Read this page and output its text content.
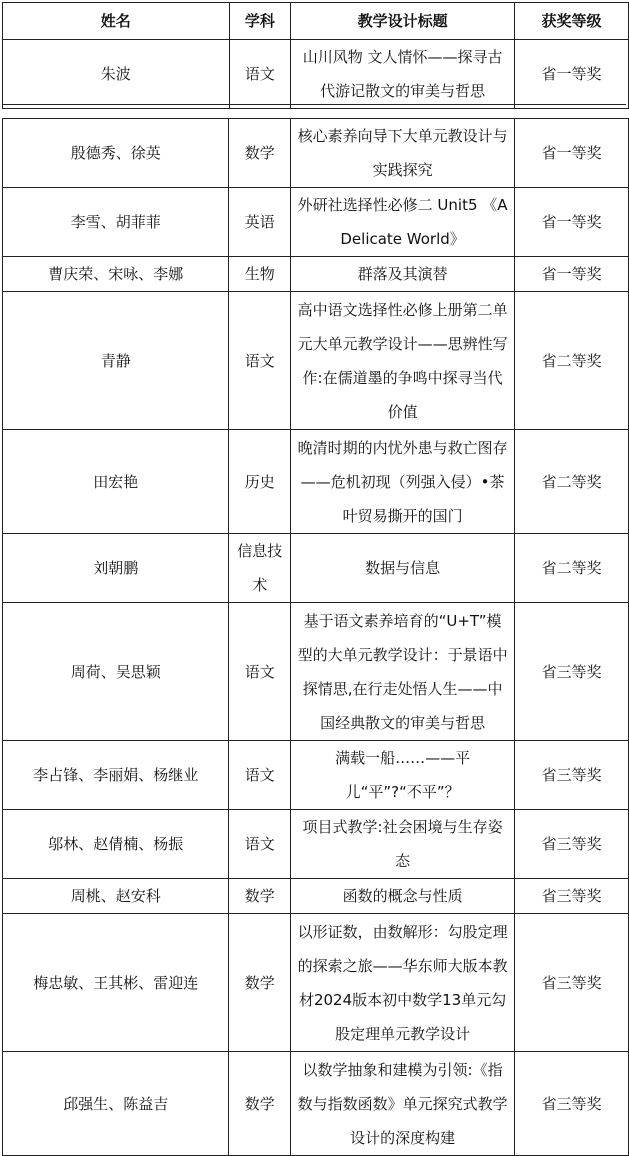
姓名	学科	教学设计标题	获奖等级
朱波	语文	山川风物 文人情怀——探寻古代游记散文的审美与哲思	省一等奖
殷德秀、徐英	数学	核心素养向导下大单元教设计与实践探究	省一等奖
李雪、胡菲菲	英语	外研社选择性必修二 Unit5 《A Delicate World》	省一等奖
曹庆荣、宋咏、李娜	生物	群落及其演替	省一等奖
青静	语文	高中语文选择性必修上册第二单元大单元教学设计——思辨性写作:在儒道墨的争鸣中探寻当代价值	省二等奖
田宏艳	历史	晚清时期的内忧外患与救亡图存——危机初现（列强入侵）•茶叶贸易撕开的国门	省二等奖
刘朝鹏	信息技术	数据与信息	省二等奖
周荷、吴思颖	语文	基于语文素养培育的“U+T”模型的大单元教学设计：于景语中探情思,在行走处悟人生——中国经典散文的审美与哲思	省三等奖
李占锋、李丽娟、杨继业	语文	满载一船……——平儿“平”?“不平”？	省三等奖
邬林、赵倩楠、杨振	语文	项目式教学:社会困境与生存姿态	省三等奖
周桃、赵安科	数学	函数的概念与性质	省三等奖
梅忠敏、王其彬、雷迎连	数学	以形证数，由数解形：勾股定理的探索之旅——华东师大版本教材2024版本初中数学13单元勾股定理单元教学设计	省三等奖
邱强生、陈益吉	数学	以数学抽象和建模为引领:《指数与指数函数》单元探究式教学设计的深度构建	省三等奖
